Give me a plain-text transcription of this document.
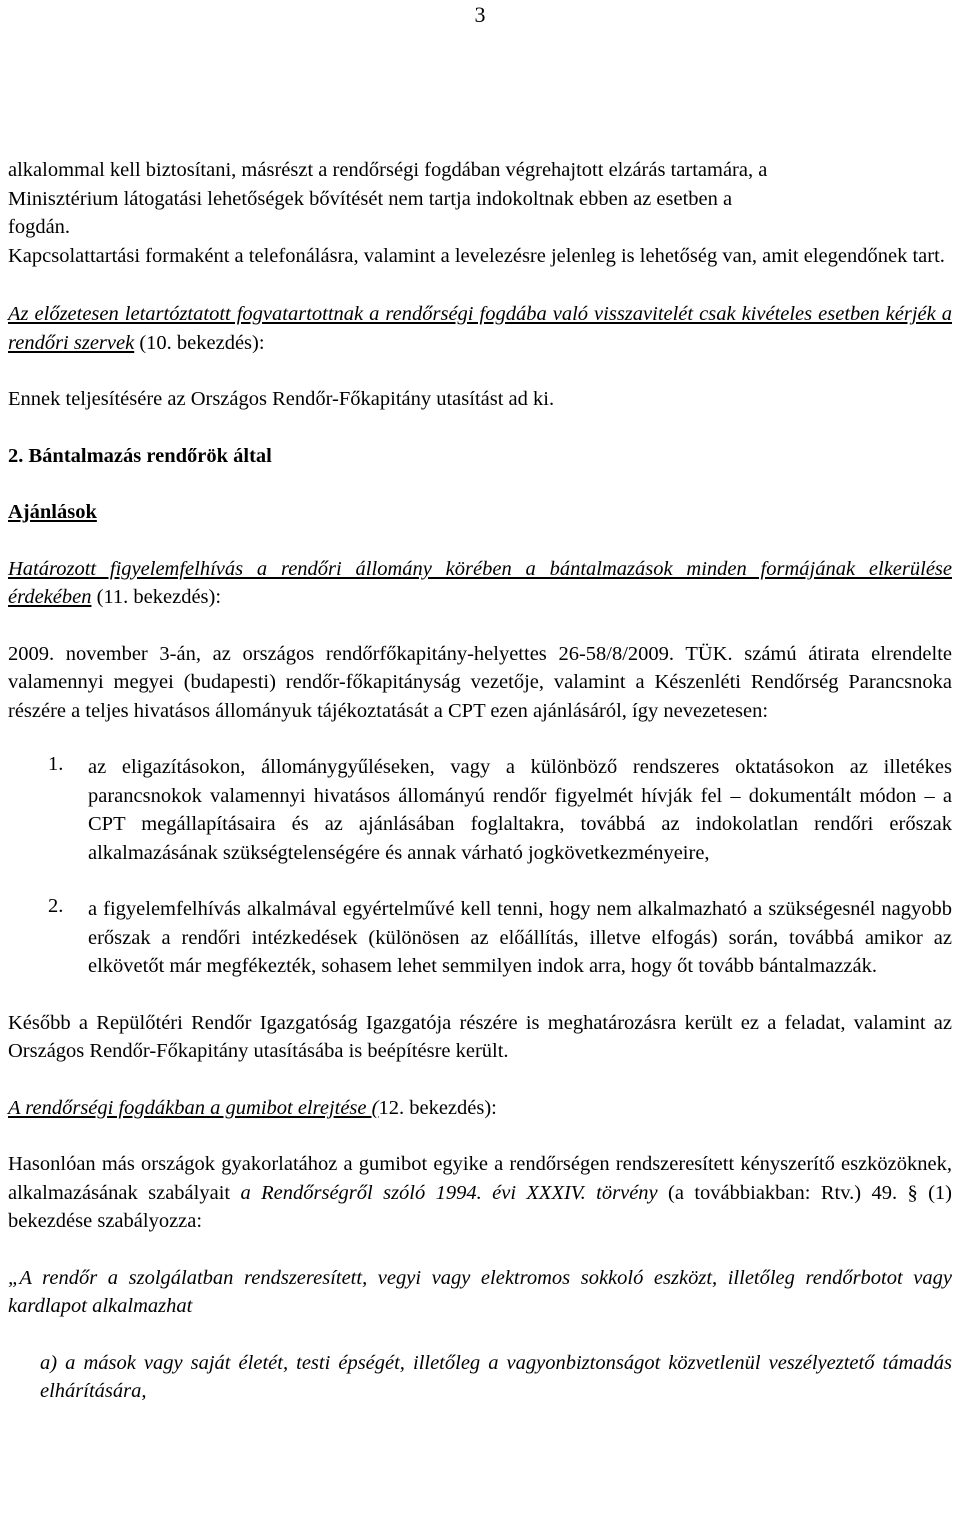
3

alkalommal kell biztosítani, másrészt a rendőrségi fogdában végrehajtott elzárás tartamára, a
Minisztérium látogatási lehetőségek bővítését nem tartja indokoltnak ebben az esetben a
fogdán.

Kapcsolattartási formaként a telefonálásra, valamint a levelezésre jelenleg is lehetőség van, amit elegendőnek tart.

Az előzetesen letartóztatott fogvatartottnak a rendőrségi fogdába való visszavitelét csak kivételes esetben kérjék a rendőri szervek (10. bekezdés):

Ennek teljesítésére az Országos Rendőr-Főkapitány utasítást ad ki.

2. Bántalmazás rendőrök által

Ajánlások

Határozott figyelemfelhívás a rendőri állomány körében a bántalmazások minden formájának elkerülése érdekében (11. bekezdés):

2009. november 3-án, az országos rendőrfőkapitány-helyettes 26-58/8/2009. TÜK. számú átirata elrendelte valamennyi megyei (budapesti) rendőr-főkapitányság vezetője, valamint a Készenléti Rendőrség Parancsnoka részére a teljes hivatásos állományuk tájékoztatását a CPT ezen ajánlásáról, így nevezetesen:

1. az eligazításokon, állománygyűléseken, vagy a különböző rendszeres oktatásokon az illetékes parancsnokok valamennyi hivatásos állományú rendőr figyelmét hívják fel – dokumentált módon – a CPT megállapításaira és az ajánlásában foglaltakra, továbbá az indokolatlan rendőri erőszak alkalmazásának szükségtelenségére és annak várható jogkövetkezményeire,

2. a figyelemfelhívás alkalmával egyértelművé kell tenni, hogy nem alkalmazható a szükségesnél nagyobb erőszak a rendőri intézkedések (különösen az előállítás, illetve elfogás) során, továbbá amikor az elkövetőt már megfékezték, sohasem lehet semmilyen indok arra, hogy őt tovább bántalmazzák.

Később a Repülőtéri Rendőr Igazgatóság Igazgatója részére is meghatározásra került ez a feladat, valamint az Országos Rendőr-Főkapitány utasításába is beépítésre került.

A rendőrségi fogdákban a gumibot elrejtése (12. bekezdés):

Hasonlóan más országok gyakorlatához a gumibot egyike a rendőrségen rendszeresített kényszerítő eszközöknek, alkalmazásának szabályait a Rendőrségről szóló 1994. évi XXXIV. törvény (a továbbiakban: Rtv.) 49. § (1) bekezdése szabályozza:

„A rendőr a szolgálatban rendszeresített, vegyi vagy elektromos sokkoló eszközt, illetőleg rendőrbotot vagy kardlapot alkalmazhat

a) a mások vagy saját életét, testi épségét, illetőleg a vagyonbiztonságot közvetlenül veszélyeztető támadás elhárítására,
